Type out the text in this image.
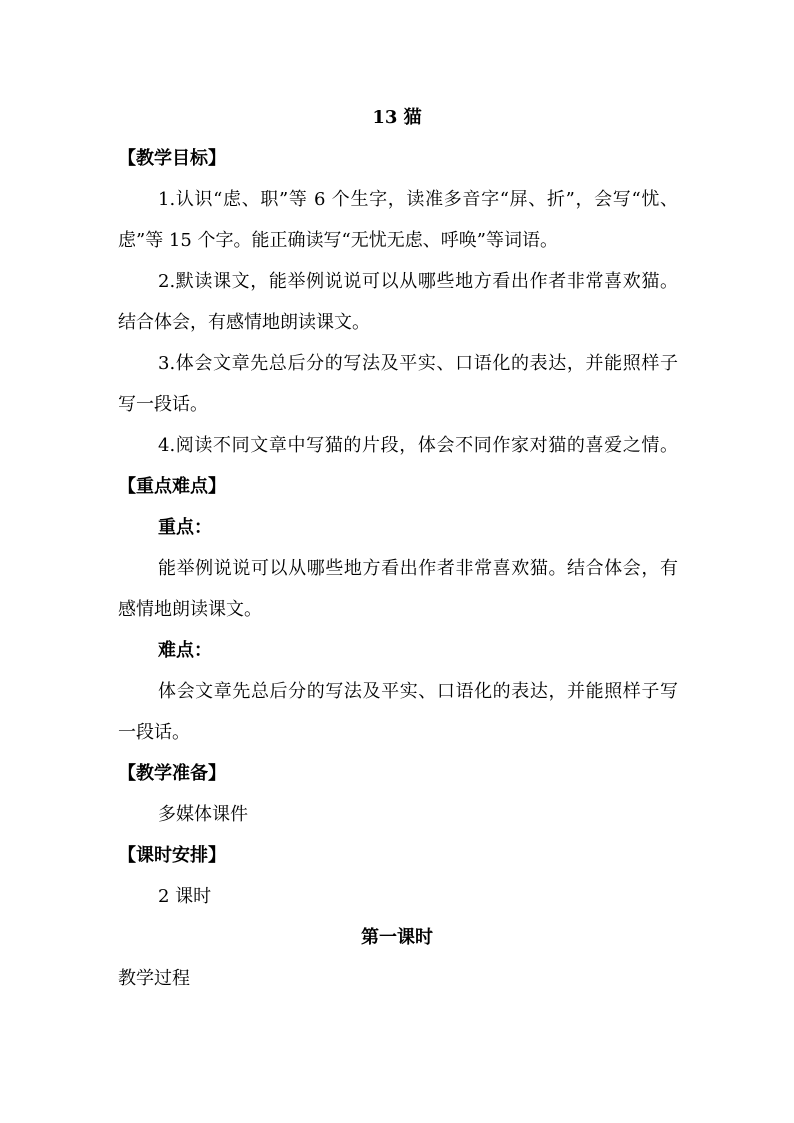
13 猫
【教学目标】
1.认识“虑、职”等 6 个生字，读准多音字“屏、折”，会写“忧、
虑”等 15 个字。能正确读写“无忧无虑、呼唤”等词语。
2.默读课文，能举例说说可以从哪些地方看出作者非常喜欢猫。
结合体会，有感情地朗读课文。
3.体会文章先总后分的写法及平实、口语化的表达，并能照样子
写一段话。
4.阅读不同文章中写猫的片段，体会不同作家对猫的喜爱之情。
【重点难点】
重点：
能举例说说可以从哪些地方看出作者非常喜欢猫。结合体会，有
感情地朗读课文。
难点：
体会文章先总后分的写法及平实、口语化的表达，并能照样子写
一段话。
【教学准备】
多媒体课件
【课时安排】
2 课时
第一课时
教学过程
